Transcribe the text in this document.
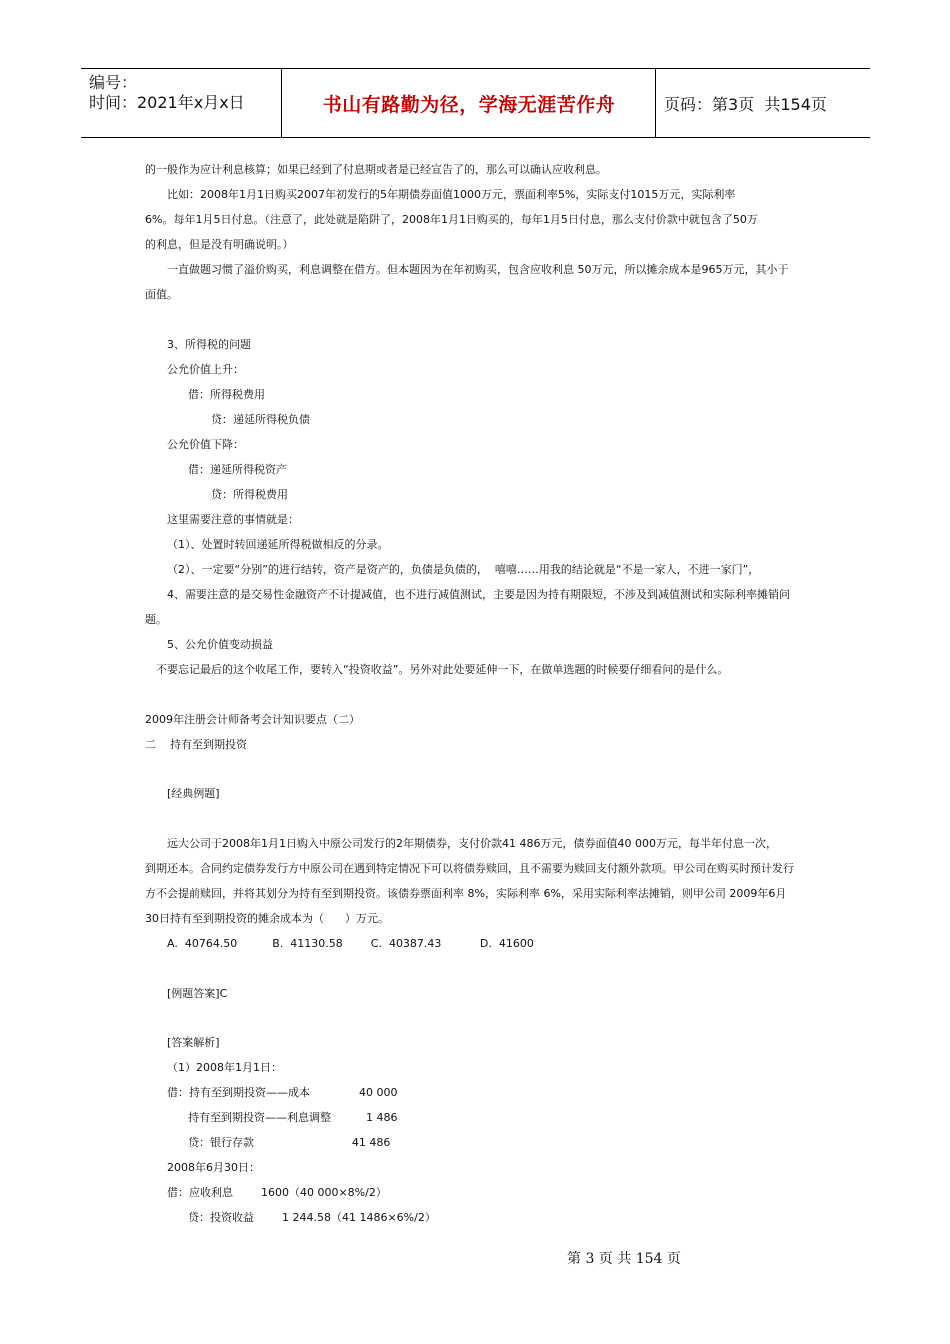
编号：
时间：2021年x月x日	书山有路勤为径，学海无涯苦作舟	页码：第3页  共154页
的一般作为应计利息核算；如果已经到了付息期或者是已经宣告了的，那么可以确认应收利息。
比如：2008年1月1日购买2007年初发行的5年期债券面值1000万元，票面利率5%，实际支付1015万元，实际利率
6%。每年1月5日付息。（注意了，此处就是陷阱了，2008年1月1日购买的，每年1月5日付息，那么支付价款中就包含了50万
的利息，但是没有明确说明。）
一直做题习惯了溢价购买，利息调整在借方。但本题因为在年初购买，包含应收利息 50万元，所以摊余成本是965万元，其小于
面值。
3、所得税的问题
公允价值上升：
借：所得税费用
贷：递延所得税负债
公允价值下降：
借：递延所得税资产
贷：所得税费用
这里需要注意的事情就是：
（1）、处置时转回递延所得税做相反的分录。
（2）、一定要“分别”的进行结转，资产是资产的，负债是负债的，  嘻嘻……用我的结论就是“不是一家人，不进一家门”，
4、需要注意的是交易性金融资产不计提减值，也不进行减值测试，主要是因为持有期限短，不涉及到减值测试和实际利率摊销问
题。
5、公允价值变动损益
不要忘记最后的这个收尾工作，要转入“投资收益”。另外对此处要延伸一下，在做单选题的时候要仔细看问的是什么。
2009年注册会计师备考会计知识要点（二）
二    持有至到期投资
[经典例题]
远大公司于2008年1月1日购入中原公司发行的2年期债券，支付价款41 486万元，债券面值40 000万元，每半年付息一次，
到期还本。合同约定债券发行方中原公司在遇到特定情况下可以将债券赎回，且不需要为赎回支付额外款项。甲公司在购买时预计发行
方不会提前赎回，并将其划分为持有至到期投资。该债券票面利率 8%，实际利率 6%，采用实际利率法摊销，则甲公司 2009年6月
30日持有至到期投资的摊余成本为（      ）万元。
A.  40764.50          B.  41130.58        C.  40387.43           D.  41600
[例题答案]C
[答案解析]
（1）2008年1月1日：
借：持有至到期投资——成本              40 000
持有至到期投资——利息调整          1 486
贷：银行存款                            41 486
2008年6月30日：
借：应收利息        1600（40 000×8%/2）
贷：投资收益        1 244.58（41 1486×6%/2）
第 3 页 共 154 页
